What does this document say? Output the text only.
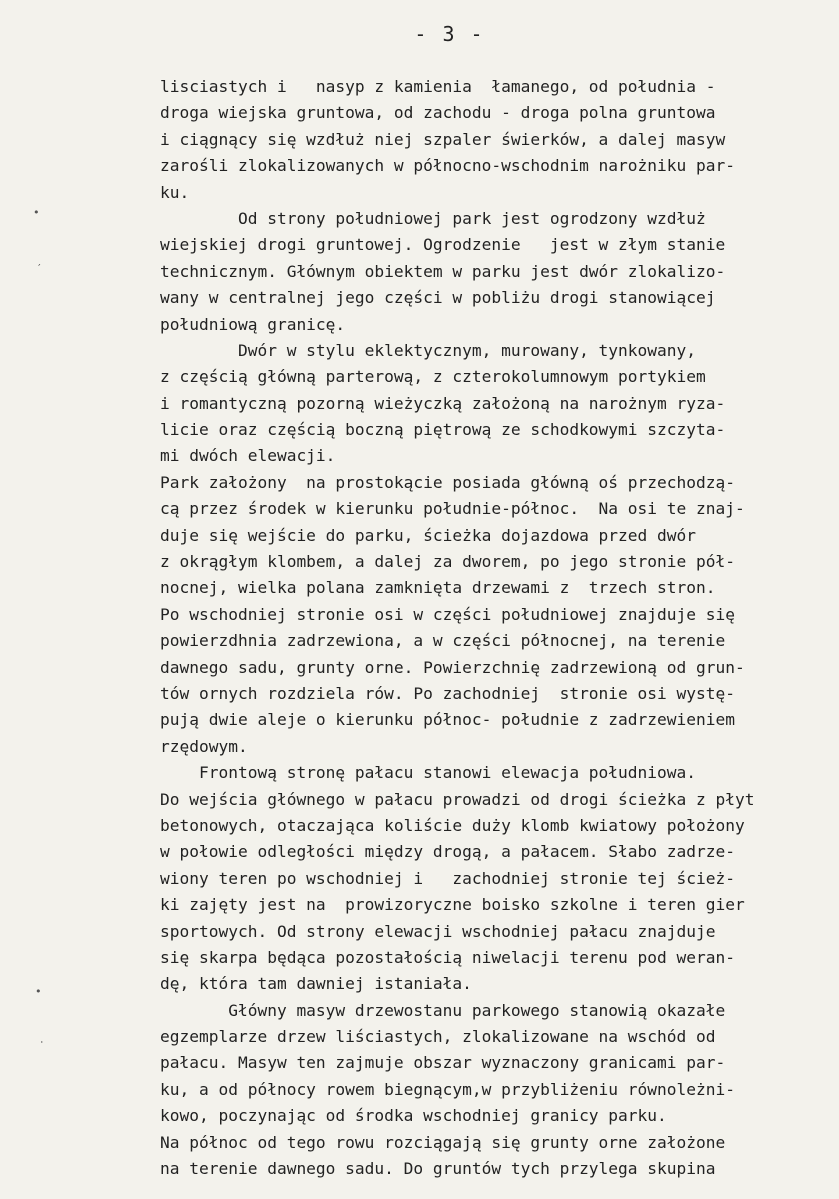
- 3 -
•
′
•
‧
lisciastych i   nasyp z kamienia  łamanego, od południa -
droga wiejska gruntowa, od zachodu - droga polna gruntowa
i ciągnący się wzdłuż niej szpaler świerków, a dalej masyw
zarośli zlokalizowanych w północno-wschodnim narożniku par-
ku.
Od strony południowej park jest ogrodzony wzdłuż
wiejskiej drogi gruntowej. Ogrodzenie   jest w złym stanie
technicznym. Głównym obiektem w parku jest dwór zlokalizo-
wany w centralnej jego części w pobliżu drogi stanowiącej
południową granicę.
Dwór w stylu eklektycznym, murowany, tynkowany,
z częścią główną parterową, z czterokolumnowym portykiem
i romantyczną pozorną wieżyczką założoną na narożnym ryza-
licie oraz częścią boczną piętrową ze schodkowymi szczyta-
mi dwóch elewacji.
Park założony  na prostokącie posiada główną oś przechodzą-
cą przez środek w kierunku południe-północ.  Na osi te znaj-
duje się wejście do parku, ścieżka dojazdowa przed dwór
z okrągłym klombem, a dalej za dworem, po jego stronie pół-
nocnej, wielka polana zamknięta drzewami z  trzech stron.
Po wschodniej stronie osi w części południowej znajduje się
powierzdhnia zadrzewiona, a w części północnej, na terenie
dawnego sadu, grunty orne. Powierzchnię zadrzewioną od grun-
tów ornych rozdziela rów. Po zachodniej  stronie osi wystę-
pują dwie aleje o kierunku północ- południe z zadrzewieniem
rzędowym.
Frontową stronę pałacu stanowi elewacja południowa.
Do wejścia głównego w pałacu prowadzi od drogi ścieżka z płyt
betonowych, otaczająca koliście duży klomb kwiatowy położony
w połowie odległości między drogą, a pałacem. Słabo zadrze-
wiony teren po wschodniej i   zachodniej stronie tej ścież-
ki zajęty jest na  prowizoryczne boisko szkolne i teren gier
sportowych. Od strony elewacji wschodniej pałacu znajduje
się skarpa będąca pozostałością niwelacji terenu pod weran-
dę, która tam dawniej istaniała.
Główny masyw drzewostanu parkowego stanowią okazałe
egzemplarze drzew liściastych, zlokalizowane na wschód od
pałacu. Masyw ten zajmuje obszar wyznaczony granicami par-
ku, a od północy rowem biegnącym,w przybliżeniu równoleżni-
kowo, poczynając od środka wschodniej granicy parku.
Na północ od tego rowu rozciągają się grunty orne założone
na terenie dawnego sadu. Do gruntów tych przylega skupina
